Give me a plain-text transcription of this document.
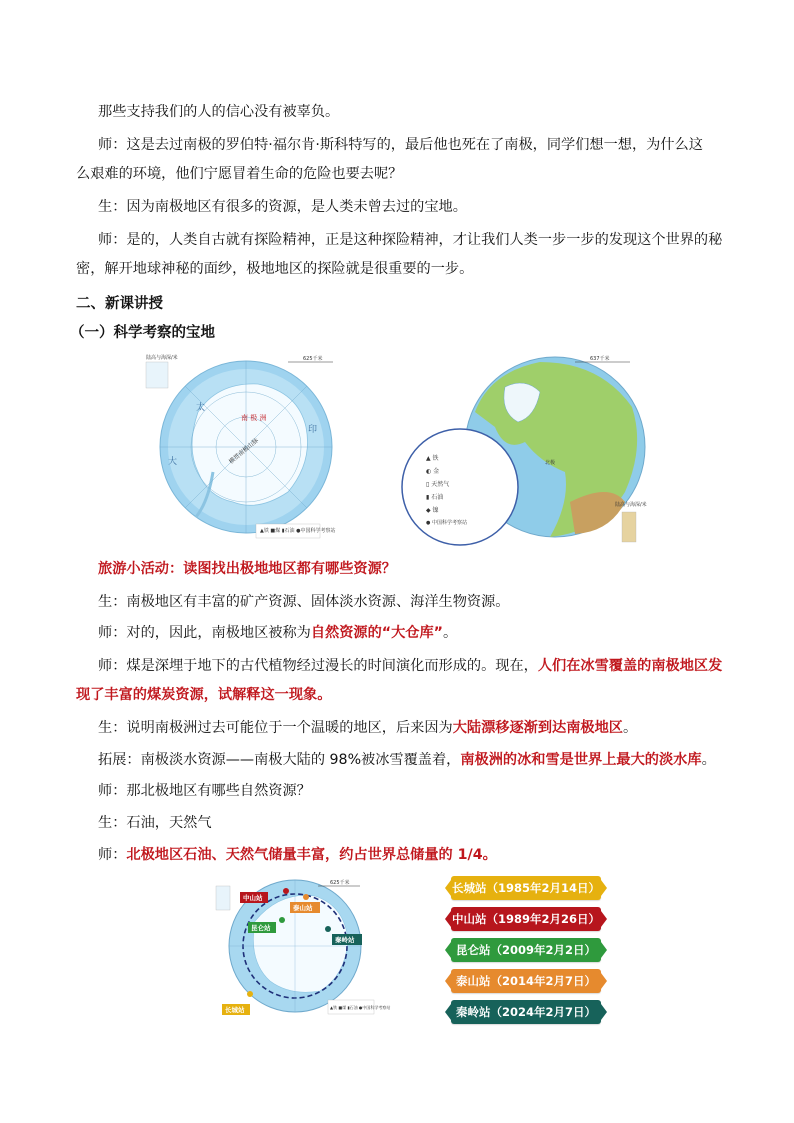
那些支持我们的人的信心没有被辜负。
师：这是去过南极的罗伯特·福尔肯·斯科特写的，最后他也死在了南极，同学们想一想，为什么这
么艰难的环境，他们宁愿冒着生命的危险也要去呢？
生：因为南极地区有很多的资源，是人类未曾去过的宝地。
师：是的，人类自古就有探险精神，正是这种探险精神，才让我们人类一步一步的发现这个世界的秘
密，解开地球神秘的面纱，极地地区的探险就是很重要的一步。
二、新课讲授
（一）科学考察的宝地
南 极 洲
横贯南极山脉
陆高与海深/米	625千米
▲铁 ■煤 ▮石油 ●中国科学考察站
太
大
印
▲ 铁
◐ 金
▯ 天然气
▮ 石油
◆ 镍
● 中国科学考察站
637千米
陆高与海深/米
北极
旅游小活动：读图找出极地地区都有哪些资源？
生：南极地区有丰富的矿产资源、固体淡水资源、海洋生物资源。
师：对的，因此，南极地区被称为自然资源的“大仓库”。
师：煤是深埋于地下的古代植物经过漫长的时间演化而形成的。现在，人们在冰雪覆盖的南极地区发
现了丰富的煤炭资源，试解释这一现象。
生：说明南极洲过去可能位于一个温暖的地区，后来因为大陆漂移逐渐到达南极地区。
拓展：南极淡水资源——南极大陆的 98%被冰雪覆盖着，南极洲的冰和雪是世界上最大的淡水库。
师：那北极地区有哪些自然资源？
生：石油，天然气
师：北极地区石油、天然气储量丰富，约占世界总储量的 1/4。
625千米
中山站
泰山站
昆仑站
秦岭站
长城站	▲铁 ■煤 ▮石油 ●中国科学考察站
长城站（1985年2月14日）
中山站（1989年2月26日）
昆仑站（2009年2月2日）
泰山站（2014年2月7日）
秦岭站（2024年2月7日）
